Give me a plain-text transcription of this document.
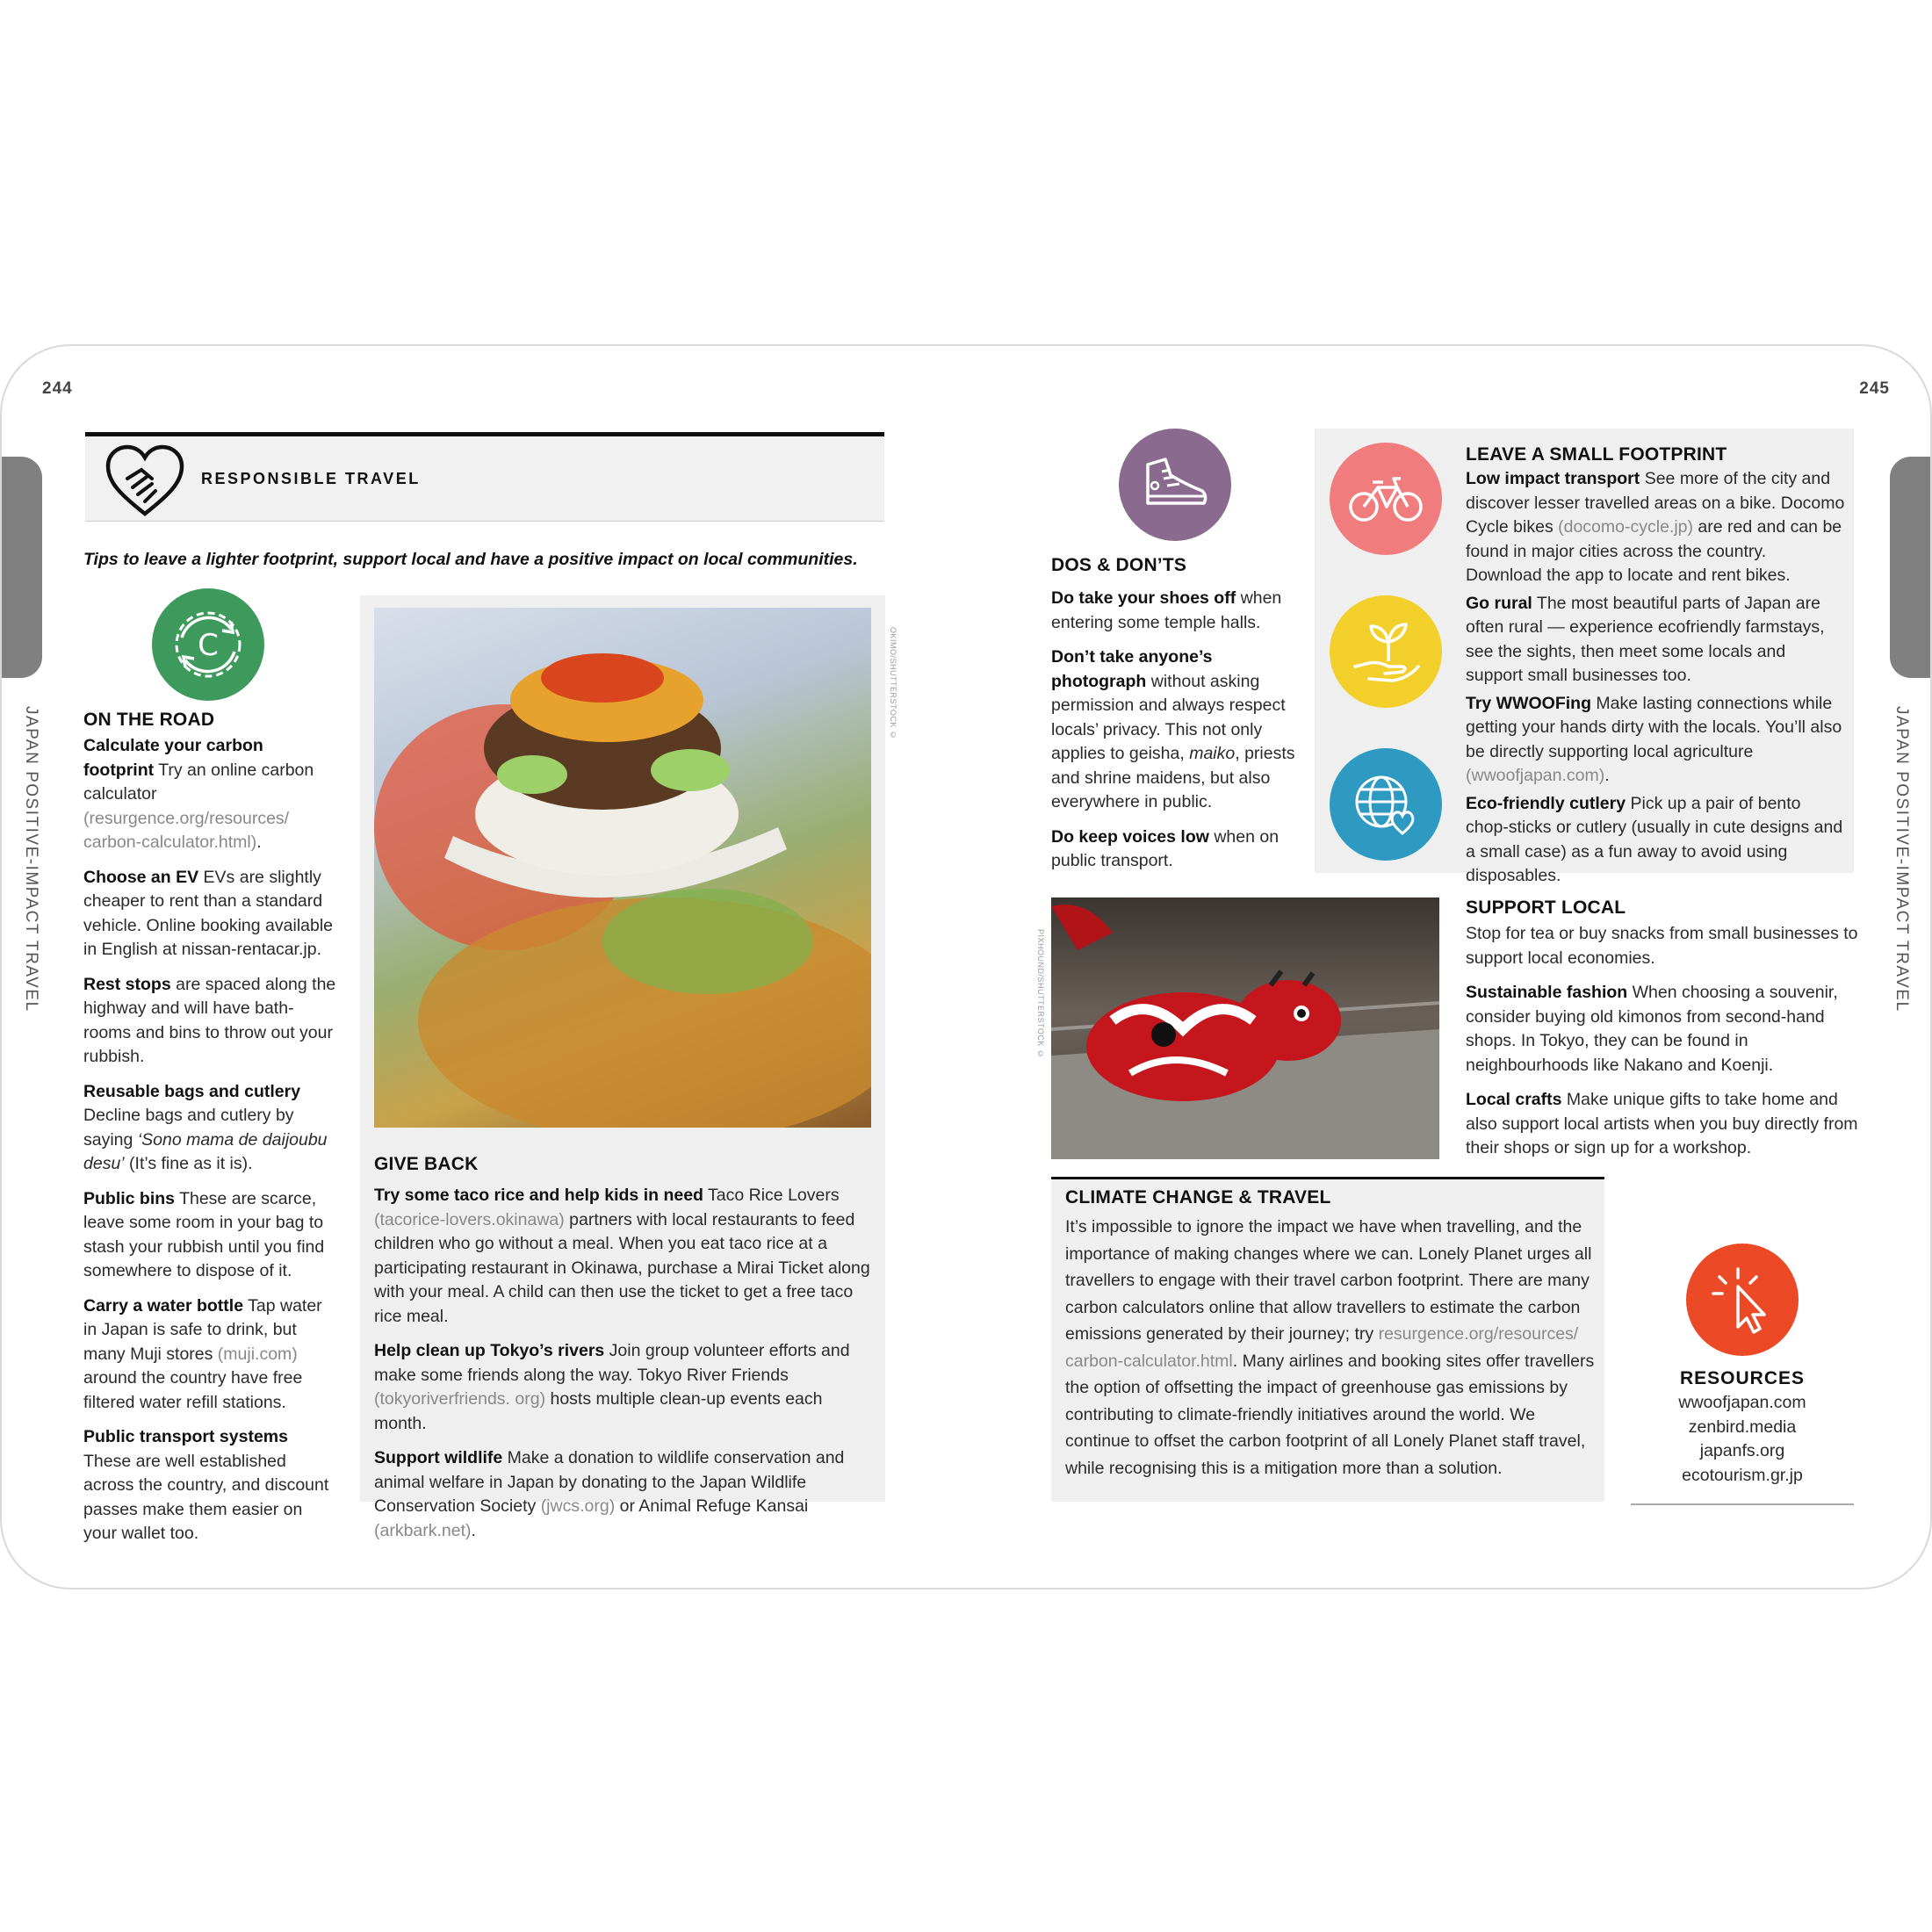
244	245
JAPAN POSITIVE-IMPACT TRAVEL	JAPAN POSITIVE-IMPACT TRAVEL
RESPONSIBLE TRAVEL
Tips to leave a lighter footprint, support local and have a positive impact on local communities.
C
ON THE ROAD

Calculate your carbon footprint Try an online carbon calculator (resurgence.org/resources/ carbon-calculator.html).

Choose an EV EVs are slightly cheaper to rent than a standard vehicle. Online booking available in English at nissan-rentacar.jp.

Rest stops are spaced along the highway and will have bath-rooms and bins to throw out your rubbish.

Reusable bags and cutlery Decline bags and cutlery by saying ‘Sono mama de daijoubu desu’ (It’s fine as it is).

Public bins These are scarce, leave some room in your bag to stash your rubbish until you find somewhere to dispose of it.

Carry a water bottle Tap water in Japan is safe to drink, but many Muji stores (muji.com) around the country have free filtered water refill stations.

Public transport systems These are well established across the country, and discount passes make them easier on your wallet too.

OKIMO/SHUTTERSTOCK ©
GIVE BACK

Try some taco rice and help kids in need Taco Rice Lovers (tacorice-lovers.okinawa) partners with local restaurants to feed children who go without a meal. When you eat taco rice at a participating restaurant in Okinawa, purchase a Mirai Ticket along with your meal. A child can then use the ticket to get a free taco rice meal.

Help clean up Tokyo’s rivers Join group volunteer efforts and make some friends along the way. Tokyo River Friends (tokyoriverfriends. org) hosts multiple clean-up events each month.

Support wildlife Make a donation to wildlife conservation and animal welfare in Japan by donating to the Japan Wildlife Conservation Society (jwcs.org) or Animal Refuge Kansai (arkbark.net).

DOS & DON’TS

Do take your shoes off when entering some temple halls.

Don’t take anyone’s photograph without asking permission and always respect locals’ privacy. This not only applies to geisha, maiko, priests and shrine maidens, but also everywhere in public.

Do keep voices low when on public transport.

LEAVE A SMALL FOOTPRINT

Low impact transport See more of the city and discover lesser travelled areas on a bike. Docomo Cycle bikes (docomo-cycle.jp) are red and can be found in major cities across the country. Download the app to locate and rent bikes.

Go rural The most beautiful parts of Japan are often rural — experience ecofriendly farmstays, see the sights, then meet some locals and support small businesses too.

Try WWOOFing Make lasting connections while getting your hands dirty with the locals. You’ll also be directly supporting local agriculture (wwoofjapan.com).

Eco-friendly cutlery Pick up a pair of bento chop-sticks or cutlery (usually in cute designs and a small case) as a fun away to avoid using disposables.

PIXHOUND/SHUTTERSTOCK ©
SUPPORT LOCAL

Stop for tea or buy snacks from small businesses to support local economies.

Sustainable fashion When choosing a souvenir, consider buying old kimonos from second-hand shops. In Tokyo, they can be found in neighbourhoods like Nakano and Koenji.

Local crafts Make unique gifts to take home and also support local artists when you buy directly from their shops or sign up for a workshop.

CLIMATE CHANGE & TRAVEL

It’s impossible to ignore the impact we have when travelling, and the importance of making changes where we can. Lonely Planet urges all travellers to engage with their travel carbon footprint. There are many carbon calculators online that allow travellers to estimate the carbon emissions generated by their journey; try resurgence.org/resources/ carbon-calculator.html. Many airlines and booking sites offer travellers the option of offsetting the impact of greenhouse gas emissions by contributing to climate-friendly initiatives around the world. We continue to offset the carbon footprint of all Lonely Planet staff travel, while recognising this is a mitigation more than a solution.

RESOURCES
wwoofjapan.com
zenbird.media
japanfs.org
ecotourism.gr.jp
